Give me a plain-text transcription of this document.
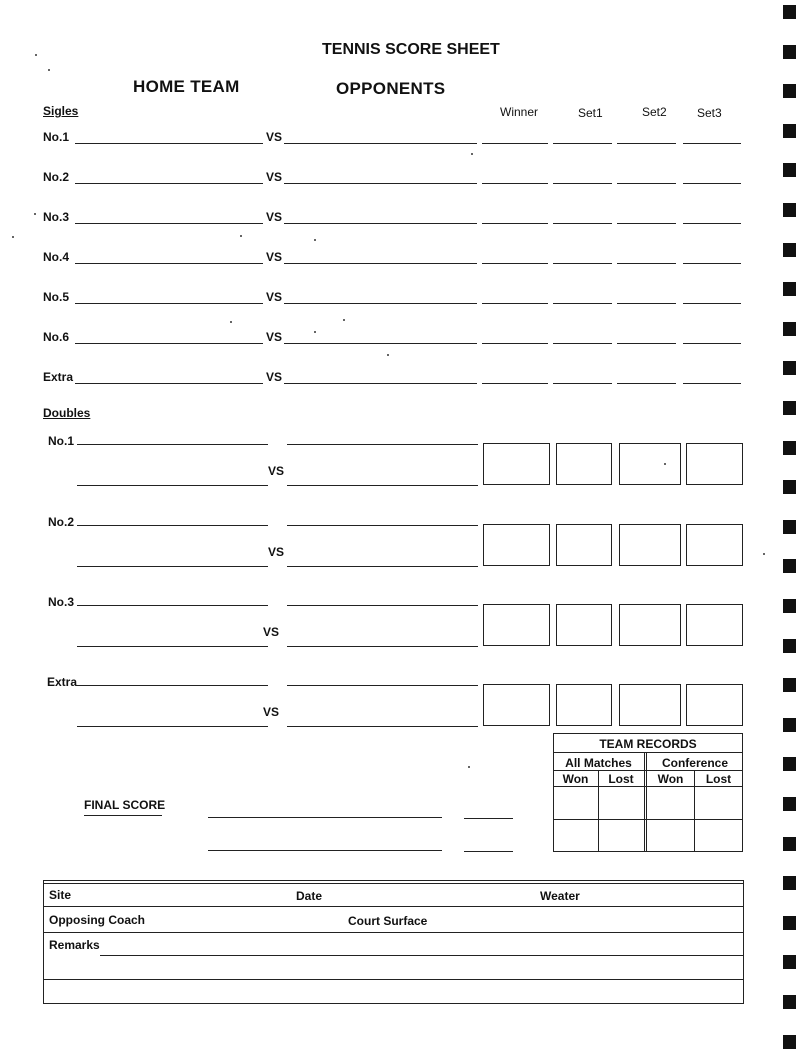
TENNIS SCORE SHEET
HOME TEAM	OPPONENTS
Sigles	Winner	Set1	Set2	Set3
No.1	VS
No.2	VS
No.3	VS
No.4	VS
No.5	VS
No.6	VS
Extra	VS
Doubles
No.1
VS
No.2
VS
No.3
VS
Extra
VS
TEAM RECORDS
All Matches	Conference
Won	Lost	Won	Lost
FINAL SCORE
Site	Date	Weater
Opposing Coach	Court Surface
Remarks
